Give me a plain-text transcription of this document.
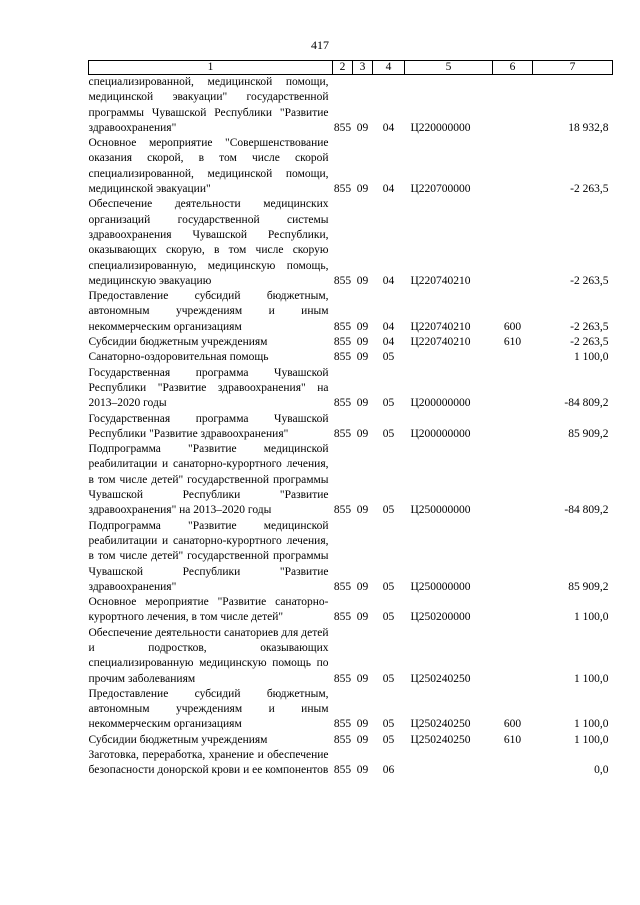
417
1	2	3	4	5	6	7
специализированной, медицинской помощи, медицинской эвакуации" государственной программы Чувашской Республики "Развитие здравоохранения"	855	09	04	Ц220000000		18 932,8
Основное мероприятие "Совершенствование оказания скорой, в том числе скорой специализированной, медицинской помощи, медицинской эвакуации"	855	09	04	Ц220700000		-2 263,5
Обеспечение деятельности медицинских организаций государственной системы здравоохранения Чувашской Республики, оказывающих скорую, в том числе скорую специализированную, медицинскую помощь, медицинскую эвакуацию	855	09	04	Ц220740210		-2 263,5
Предоставление субсидий бюджетным, автономным учреждениям и иным некоммерческим организациям	855	09	04	Ц220740210	600	-2 263,5
Субсидии бюджетным учреждениям	855	09	04	Ц220740210	610	-2 263,5
Санаторно-оздоровительная помощь	855	09	05			1 100,0
Государственная программа Чувашской Республики "Развитие здравоохранения" на 2013–2020 годы	855	09	05	Ц200000000		-84 809,2
Государственная программа Чувашской Республики "Развитие здравоохранения"	855	09	05	Ц200000000		85 909,2
Подпрограмма "Развитие медицинской реабилитации и санаторно-курортного лечения, в том числе детей" государственной программы Чувашской Республики "Развитие здравоохранения" на 2013–2020 годы	855	09	05	Ц250000000		-84 809,2
Подпрограмма "Развитие медицинской реабилитации и санаторно-курортного лечения, в том числе детей" государственной программы Чувашской Республики "Развитие здравоохранения"	855	09	05	Ц250000000		85 909,2
Основное мероприятие "Развитие санаторно-курортного лечения, в том числе детей"	855	09	05	Ц250200000		1 100,0
Обеспечение деятельности санаториев для детей и подростков, оказывающих специализированную медицинскую помощь по прочим заболеваниям	855	09	05	Ц250240250		1 100,0
Предоставление субсидий бюджетным, автономным учреждениям и иным некоммерческим организациям	855	09	05	Ц250240250	600	1 100,0
Субсидии бюджетным учреждениям	855	09	05	Ц250240250	610	1 100,0
Заготовка, переработка, хранение и обеспечение безопасности донорской крови и ее компонентов	855	09	06			0,0
